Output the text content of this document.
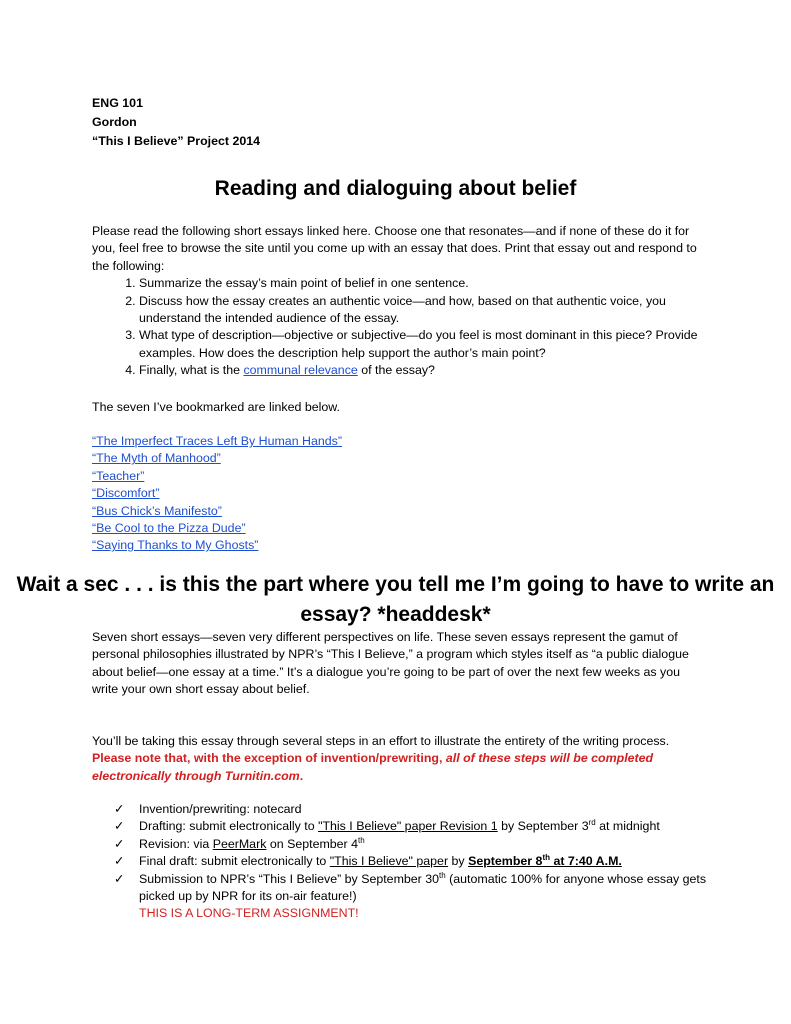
ENG 101
Gordon
“This I Believe” Project 2014
Reading and dialoguing about belief

Please read the following short essays linked here. Choose one that resonates—and if none of these do it for you, feel free to browse the site until you come up with an essay that does. Print that essay out and respond to the following:

1. Summarize the essay’s main point of belief in one sentence.
2. Discuss how the essay creates an authentic voice—and how, based on that authentic voice, you understand the intended audience of the essay.
3. What type of description—objective or subjective—do you feel is most dominant in this piece? Provide examples. How does the description help support the author’s main point?
4. Finally, what is the communal relevance of the essay?

The seven I’ve bookmarked are linked below.

“The Imperfect Traces Left By Human Hands”
“The Myth of Manhood”
“Teacher”
“Discomfort”
“Bus Chick’s Manifesto”
“Be Cool to the Pizza Dude”
“Saying Thanks to My Ghosts”
Wait a sec . . . is this the part where you tell me I’m going to have to write an essay? *headdesk*

Seven short essays—seven very different perspectives on life. These seven essays represent the gamut of personal philosophies illustrated by NPR’s “This I Believe,” a program which styles itself as “a public dialogue about belief—one essay at a time.” It’s a dialogue you’re going to be part of over the next few weeks as you write your own short essay about belief.

You’ll be taking this essay through several steps in an effort to illustrate the entirety of the writing process. Please note that, with the exception of invention/prewriting, all of these steps will be completed electronically through Turnitin.com.

✓	Invention/prewriting: notecard
✓	Drafting: submit electronically to "This I Believe" paper Revision 1 by September 3rd at midnight
✓	Revision: via PeerMark on September 4th
✓	Final draft: submit electronically to "This I Believe" paper by September 8th at 7:40 A.M.
✓	Submission to NPR’s “This I Believe” by September 30th (automatic 100% for anyone whose essay gets picked up by NPR for its on-air feature!)
THIS IS A LONG-TERM ASSIGNMENT!
